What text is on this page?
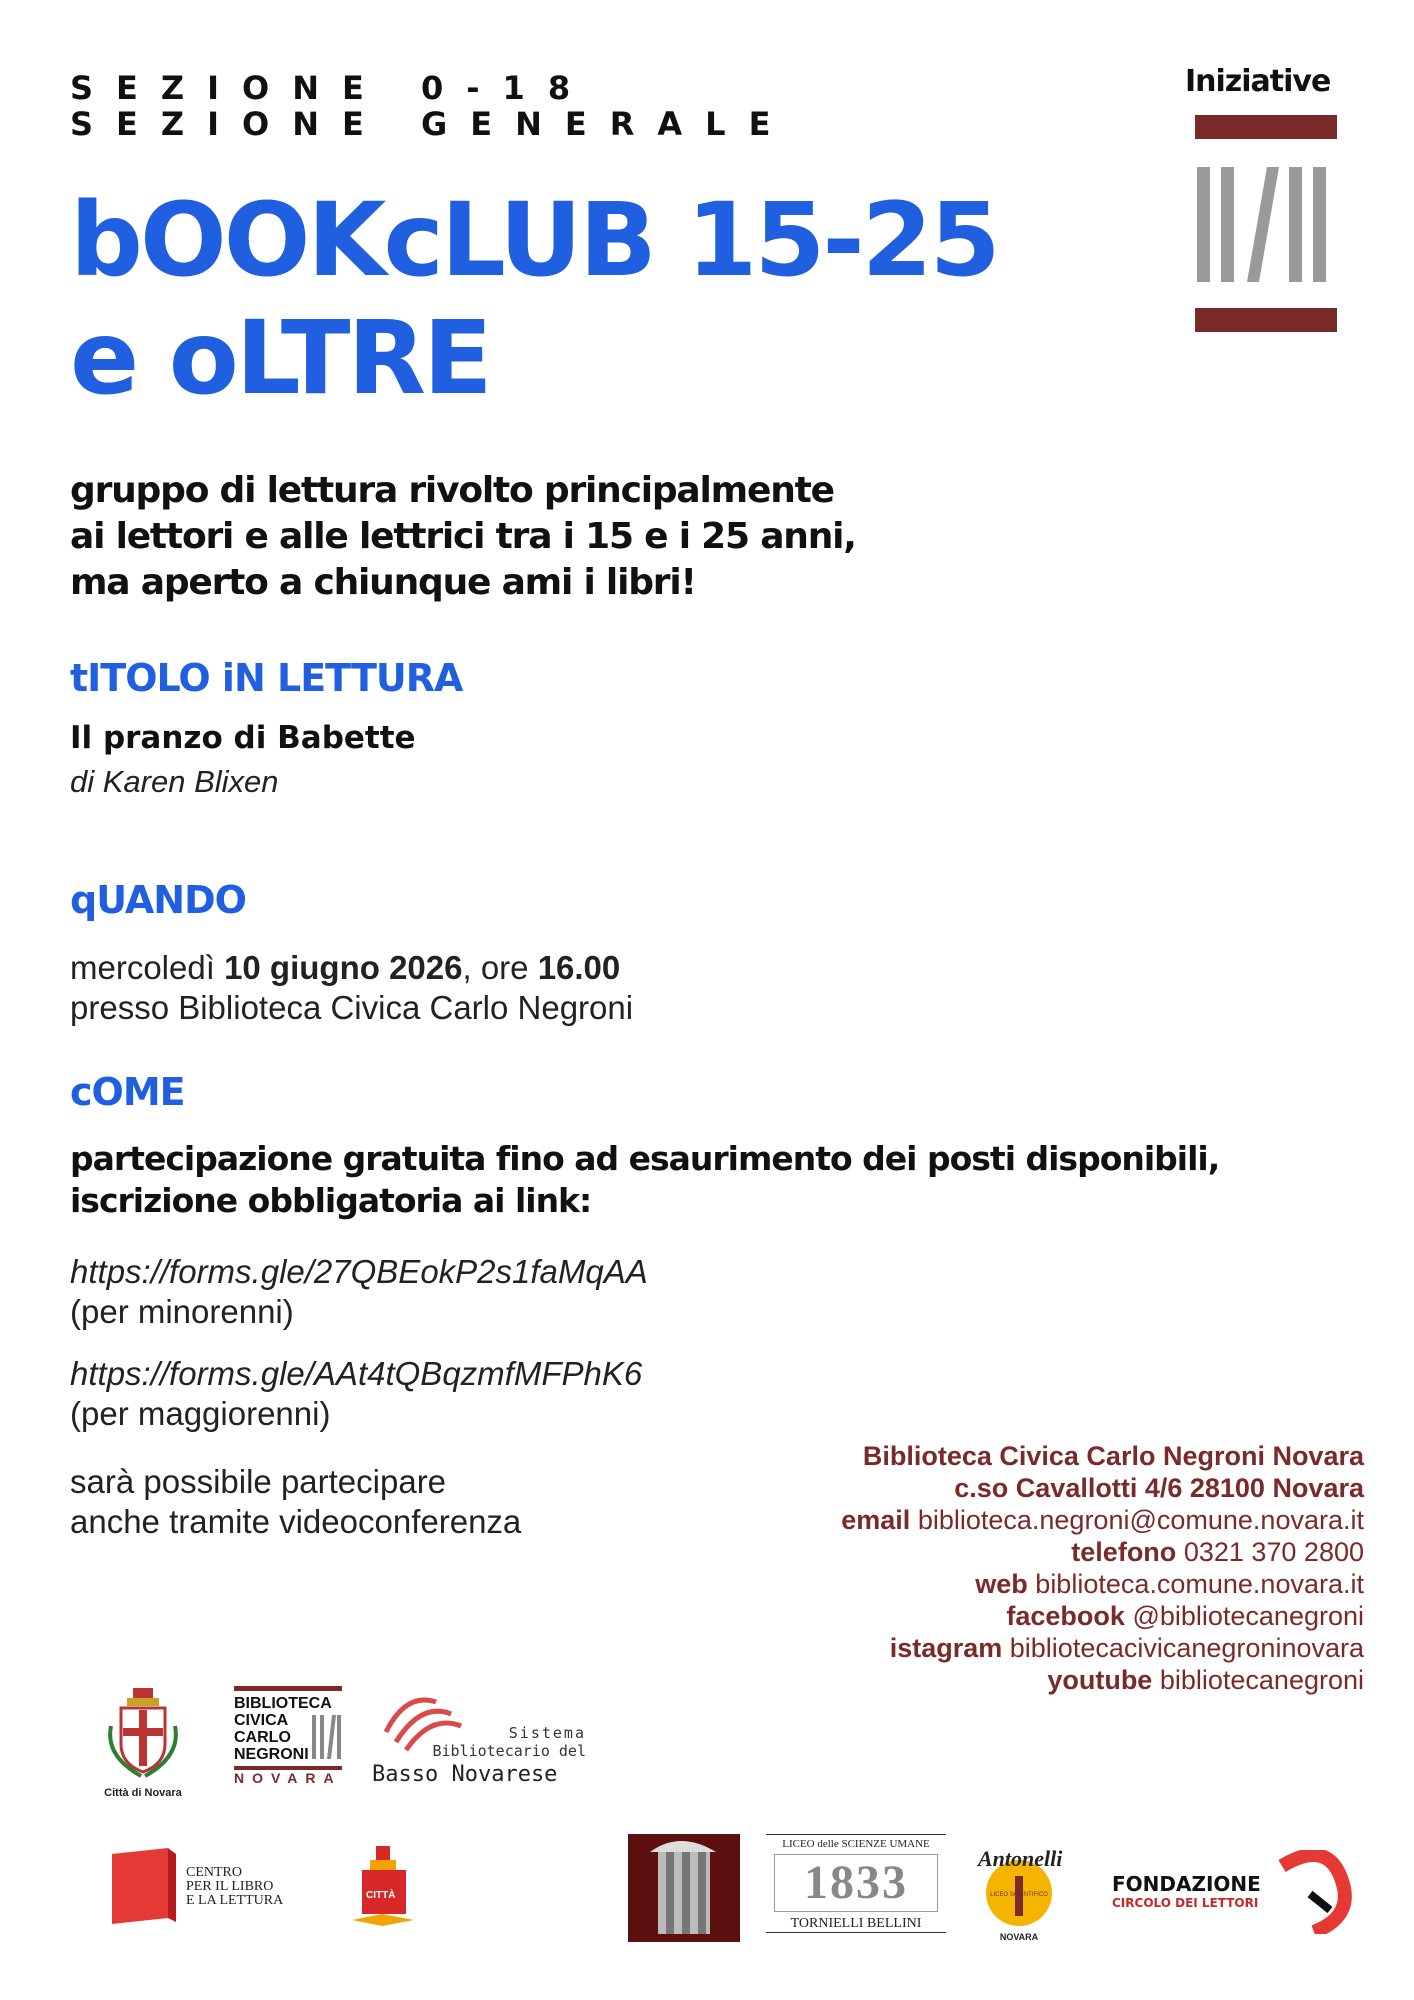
SEZIONE 0-18
SEZIONE GENERALE
bOOKcLUB 15-25
e oLTRE
Iniziative
gruppo di lettura rivolto principalmente
ai lettori e alle lettrici tra i 15 e i 25 anni,
ma aperto a chiunque ami i libri!
tITOLO iN LETTURA
Il pranzo di Babette
di Karen Blixen
qUANDO
mercoledì 10 giugno 2026, ore 16.00
presso Biblioteca Civica Carlo Negroni
cOME
partecipazione gratuita fino ad esaurimento dei posti disponibili,
iscrizione obbligatoria ai link:
https://forms.gle/27QBEokP2s1faMqAA
(per minorenni)
https://forms.gle/AAt4tQBqzmfMFPhK6
(per maggiorenni)
sarà possibile partecipare
anche tramite videoconferenza
Biblioteca Civica Carlo Negroni Novara
c.so Cavallotti 4/6 28100 Novara
email biblioteca.negroni@comune.novara.it
telefono 0321 370 2800
web biblioteca.comune.novara.it
facebook @bibliotecanegroni
istagram bibliotecacivicanegroninovara
youtube bibliotecanegroni
Città di Novara
BIBLIOTECA
CIVICA
CARLO
NEGRONI
NOVARA
Sistema
Bibliotecario del
Basso Novarese
CENTRO
PER IL LIBRO
E LA LETTURA	CITTÀ
LICEO delle SCIENZE UMANE
1833
TORNIELLI BELLINI
Antonelli
LICEO SCIENTIFICO
NOVARA
FONDAZIONE
CIRCOLO DEI LETTORI
